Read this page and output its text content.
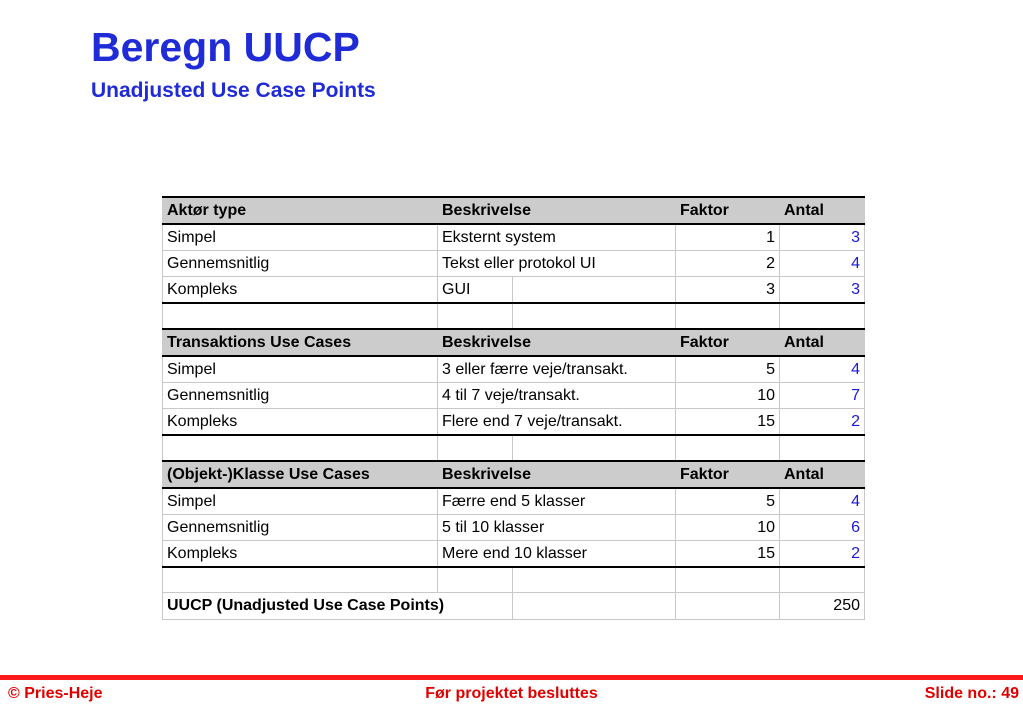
Beregn UUCP
Unadjusted Use Case Points
Aktør type	Beskrivelse		Faktor	Antal
Simpel	Eksternt system		1	3
Gennemsnitlig	Tekst eller protokol UI		2	4
Kompleks	GUI		3	3

Transaktions Use Cases	Beskrivelse		Faktor	Antal
Simpel	3 eller færre veje/transakt.		5	4
Gennemsnitlig	4 til 7 veje/transakt.		10	7
Kompleks	Flere end 7 veje/transakt.		15	2

(Objekt-)Klasse Use Cases	Beskrivelse		Faktor	Antal
Simpel	Færre end 5 klasser		5	4
Gennemsnitlig	5 til 10 klasser		10	6
Kompleks	Mere end 10 klasser		15	2

UUCP (Unadjusted Use Case Points)				250
© Pries-Heje	Før projektet besluttes	Slide no.: 49
